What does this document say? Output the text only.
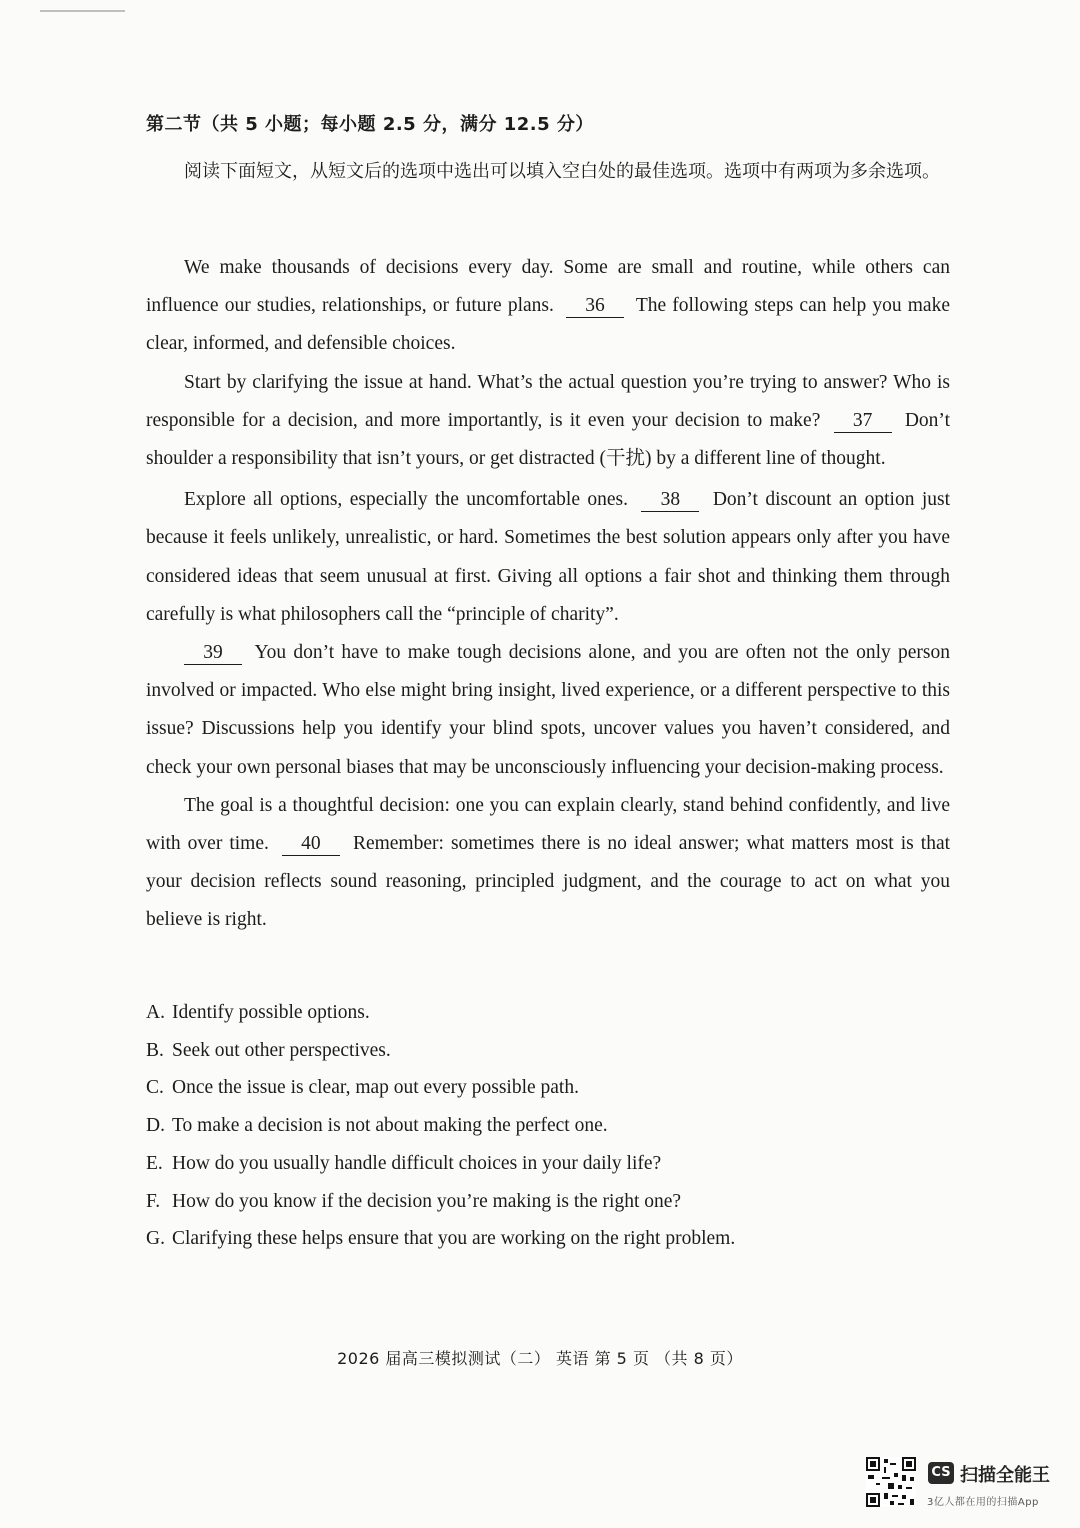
第二节（共 5 小题；每小题 2.5 分，满分 12.5 分）
阅读下面短文，从短文后的选项中选出可以填入空白处的最佳选项。选项中有两项为多余选项。

We make thousands of decisions every day. Some are small and routine, while others can influence our studies, relationships, or future plans. 36 The following steps can help you make clear, informed, and defensible choices.

Start by clarifying the issue at hand. What’s the actual question you’re trying to answer? Who is responsible for a decision, and more importantly, is it even your decision to make? 37 Don’t shoulder a responsibility that isn’t yours, or get distracted (干扰) by a different line of thought.

Explore all options, especially the uncomfortable ones. 38 Don’t discount an option just because it feels unlikely, unrealistic, or hard. Sometimes the best solution appears only after you have considered ideas that seem unusual at first. Giving all options a fair shot and thinking them through carefully is what philosophers call the “principle of charity”.

39 You don’t have to make tough decisions alone, and you are often not the only person involved or impacted. Who else might bring insight, lived experience, or a different perspective to this issue? Discussions help you identify your blind spots, uncover values you haven’t considered, and check your own personal biases that may be unconsciously influencing your decision-making process.

The goal is a thoughtful decision: one you can explain clearly, stand behind confidently, and live with over time. 40 Remember: sometimes there is no ideal answer; what matters most is that your decision reflects sound reasoning, principled judgment, and the courage to act on what you believe is right.

A. Identify possible options.
B. Seek out other perspectives.
C. Once the issue is clear, map out every possible path.
D. To make a decision is not about making the perfect one.
E. How do you usually handle difficult choices in your daily life?
F. How do you know if the decision you’re making is the right one?
G. Clarifying these helps ensure that you are working on the right problem.
2026 届高三模拟测试（二） 英语 第 5 页 （共 8 页）
CS 扫描全能王
3亿人都在用的扫描App
